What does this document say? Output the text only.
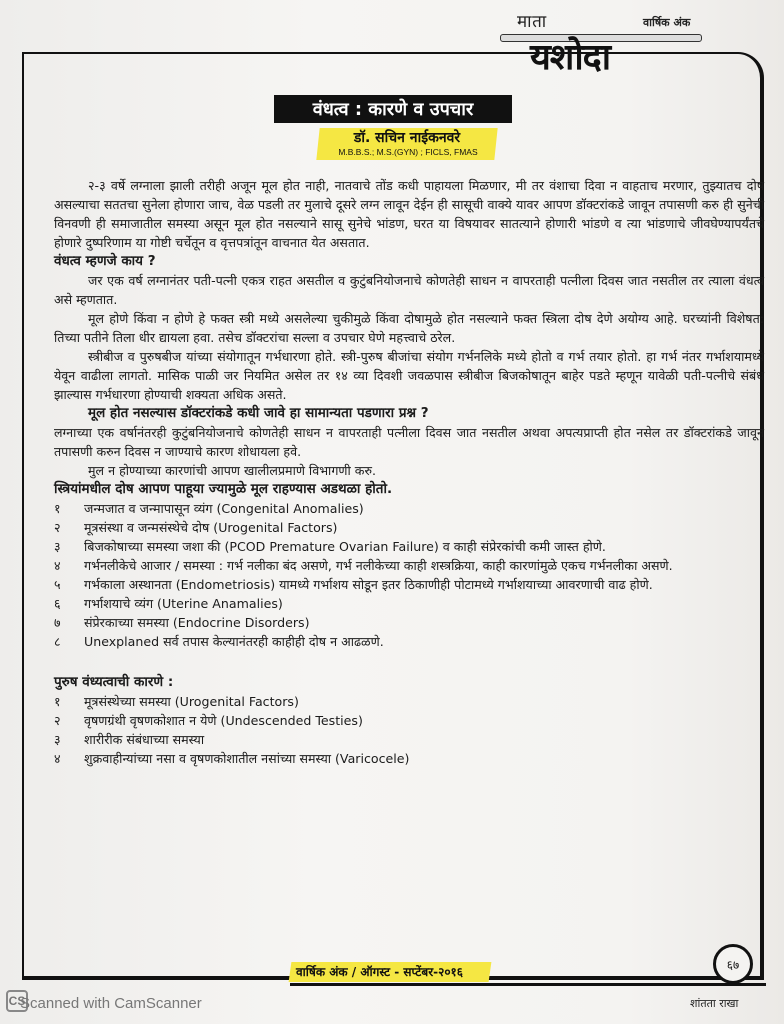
माता	वार्षिक अंक
यशोदा
वंधत्व : कारणे व उपचार
डॉ. सचिन नाईकनवरे
M.B.B.S.; M.S.(GYN) ; FICLS, FMAS

२-३ वर्षे लग्नाला झाली तरीही अजून मूल होत नाही, नातवाचे तोंड कधी पाहायला मिळणार, मी तर वंशाचा दिवा न वाहताच मरणार, तुझ्यातच दोष असल्याचा सततचा सुनेला होणारा जाच, वेळ पडली तर मुलाचे दूसरे लग्न लावून देईन ही सासूची वाक्ये यावर आपण डॉक्टरांकडे जावून तपासणी करु ही सुनेची विनवणी ही समाजातील समस्या असून मूल होत नसल्याने सासू सुनेचे भांडण, घरत या विषयावर सातत्याने होणारी भांडणे व त्या भांडणाचे जीवघेण्यापर्यंतचे होणारे दुष्परिणाम या गोष्टी चर्चेतून व वृत्तपत्रांतून वाचनात येत असतात.

वंधत्व म्हणजे काय ?

जर एक वर्ष लग्नानंतर पती-पत्नी एकत्र राहत असतील व कुटुंबनियोजनाचे कोणतेही साधन न वापरताही पत्नीला दिवस जात नसतील तर त्याला वंधत्व असे म्हणतात.

मूल होणे किंवा न होणे हे फक्त स्त्री मध्ये असलेल्या चुकीमुळे किंवा दोषामुळे होत नसल्याने फक्त स्त्रिला दोष देणे अयोग्य आहे. घरच्यांनी विशेषत: तिच्या पतीने तिला धीर द्यायला हवा. तसेच डॉक्टरांचा सल्ला व उपचार घेणे महत्त्वाचे ठरेल.

स्त्रीबीज व पुरुषबीज यांच्या संयोगातून गर्भधारणा होते. स्त्री-पुरुष बीजांचा संयोग गर्भनलिके मध्ये होतो व गर्भ तयार होतो. हा गर्भ नंतर गर्भाशयामध्ये येवून वाढीला लागतो. मासिक पाळी जर नियमित असेल तर १४ व्या दिवशी जवळपास स्त्रीबीज बिजकोषातून बाहेर पडते म्हणून यावेळी पती-पत्नीचे संबंध झाल्यास गर्भधारणा होण्याची शक्यता अधिक असते.

मूल होत नसल्यास डॉक्टरांकडे कधी जावे हा सामान्यता पडणारा प्रश्न ?

लग्नाच्या एक वर्षानंतरही कुटुंबनियोजनाचे कोणतेही साधन न वापरताही पत्नीला दिवस जात नसतील अथवा अपत्यप्राप्ती होत नसेल तर डॉक्टरांकडे जावून तपासणी करुन दिवस न जाण्याचे कारण शोधायला हवे.

मुल न होण्याच्या कारणांची आपण खालीलप्रमाणे विभागणी करु.

स्त्रियांमधील दोष आपण पाहूया ज्यामुळे मूल राहण्यास अडथळा होतो.

१	जन्मजात व जन्मापासून व्यंग (Congenital Anomalies)
२	मूत्रसंस्था व जन्मसंस्थेचे दोष (Urogenital Factors)
३	बिजकोषाच्या समस्या जशा की (PCOD Premature Ovarian Failure) व काही संप्रेरकांची कमी जास्त होणे.
४	गर्भनलीकेचे आजार / समस्या : गर्भ नलीका बंद असणे, गर्भ नलीकेच्या काही शस्त्रक्रिया, काही कारणांमुळे एकच गर्भनलीका असणे.
५	गर्भकाला अस्थानता (Endometriosis) यामध्ये गर्भाशय सोडून इतर ठिकाणीही पोटामध्ये गर्भाशयाच्या आवरणाची वाढ होणे.
६	गर्भाशयाचे व्यंग (Uterine Anamalies)
७	संप्रेरकाच्या समस्या (Endocrine Disorders)
८	Unexplaned सर्व तपास केल्यानंतरही काहीही दोष न आढळणे.

पुरुष वंध्यत्वाची कारणे :

१	मूत्रसंस्थेच्या समस्या (Urogenital Factors)
२	वृषणग्रंथी वृषणकोशात न येणे (Undescended Testies)
३	शारीरीक संबंधाच्या समस्या
४	शुक्रवाहीन्यांच्या नसा व वृषणकोशातील नसांच्या समस्या (Varicocele)
वार्षिक अंक / ऑगस्ट - सप्टेंबर-२०१६
६७
CS
Scanned with CamScanner	शांतता राखा
